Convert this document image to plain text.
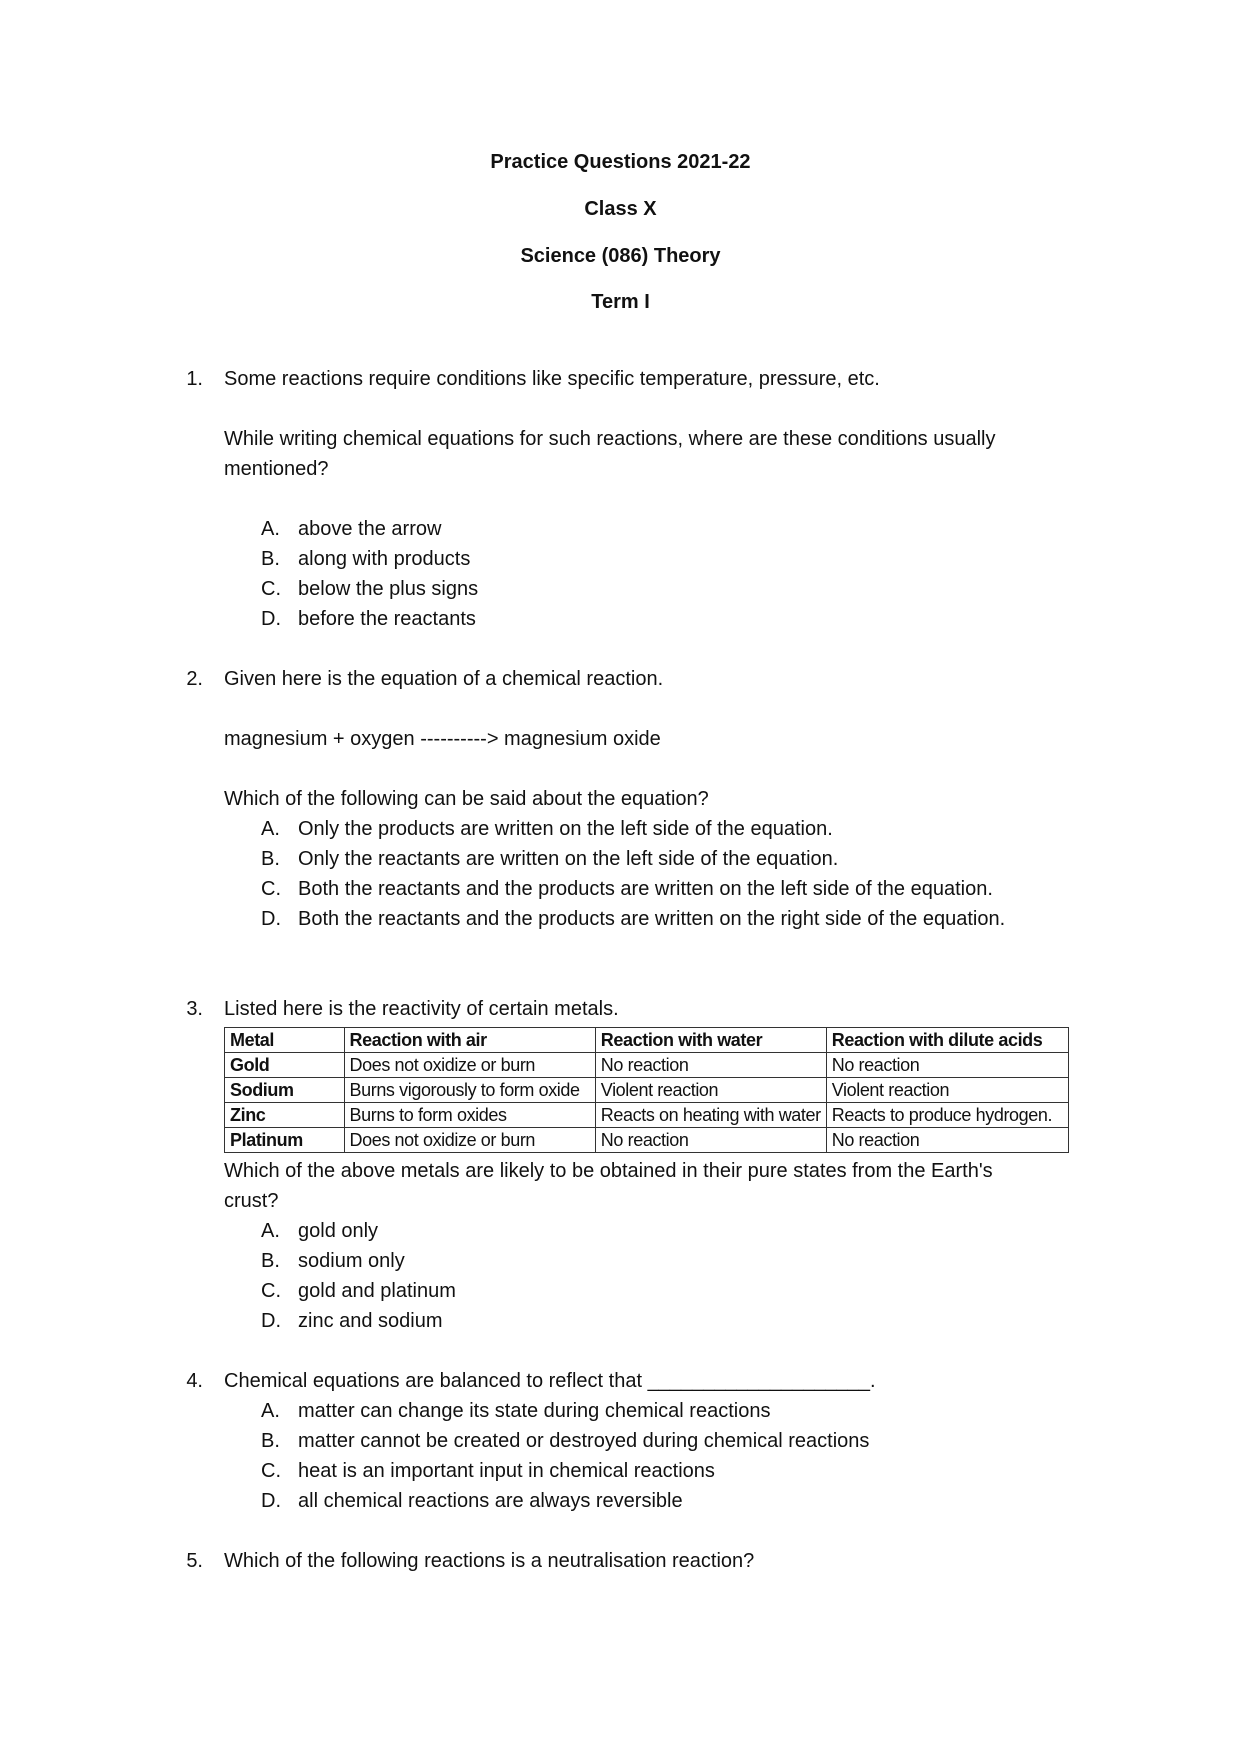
Practice Questions 2021-22
Class X
Science (086) Theory
Term I
1. Some reactions require conditions like specific temperature, pressure, etc.
While writing chemical equations for such reactions, where are these conditions usually
mentioned?
A. above the arrow
B. along with products
C. below the plus signs
D. before the reactants
2. Given here is the equation of a chemical reaction.
magnesium + oxygen ----------> magnesium oxide
Which of the following can be said about the equation?
A. Only the products are written on the left side of the equation.
B. Only the reactants are written on the left side of the equation.
C. Both the reactants and the products are written on the left side of the equation.
D. Both the reactants and the products are written on the right side of the equation.
3. Listed here is the reactivity of certain metals.
Metal	Reaction with air	Reaction with water	Reaction with dilute acids
Gold	Does not oxidize or burn	No reaction	No reaction
Sodium	Burns vigorously to form oxide	Violent reaction	Violent reaction
Zinc	Burns to form oxides	Reacts on heating with water	Reacts to produce hydrogen.
Platinum	Does not oxidize or burn	No reaction	No reaction
Which of the above metals are likely to be obtained in their pure states from the Earth's
crust?
A. gold only
B. sodium only
C. gold and platinum
D. zinc and sodium
4. Chemical equations are balanced to reflect that ____________________.
A. matter can change its state during chemical reactions
B. matter cannot be created or destroyed during chemical reactions
C. heat is an important input in chemical reactions
D. all chemical reactions are always reversible
5. Which of the following reactions is a neutralisation reaction?
